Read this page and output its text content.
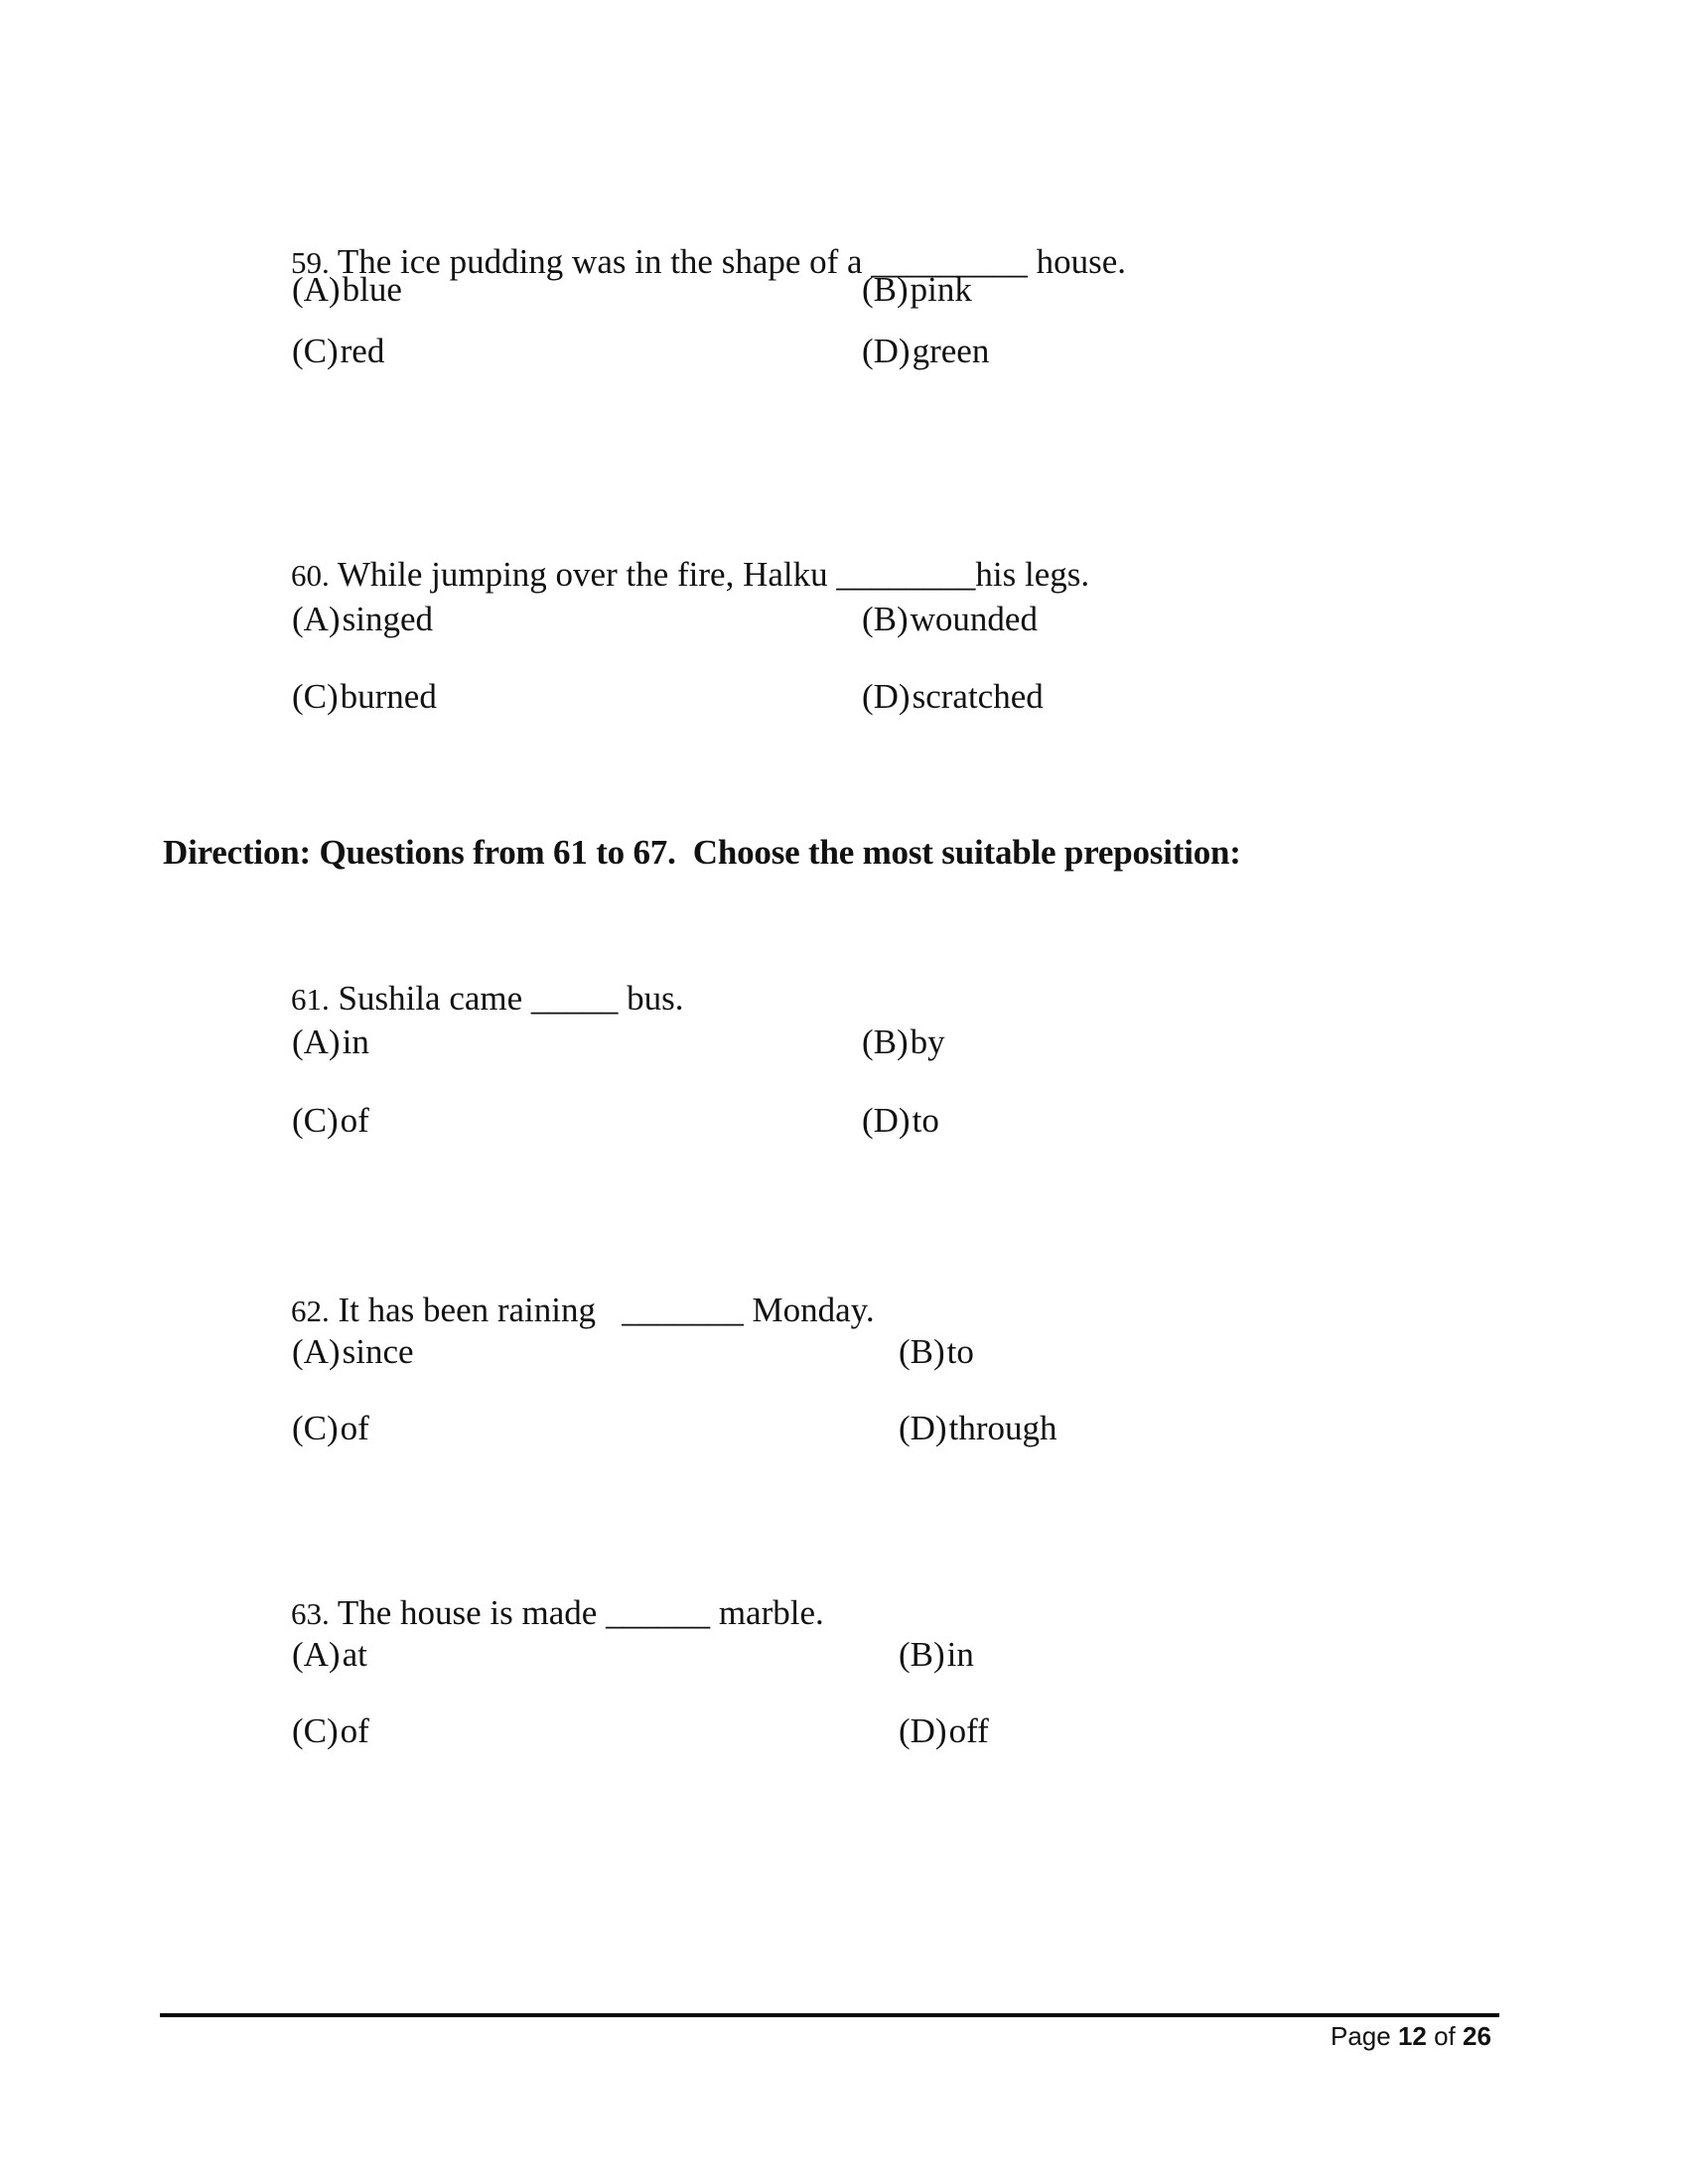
59. The ice pudding was in the shape of a _________ house.

(A)blue	(B)pink
(C)red	(D)green

60. While jumping over the fire, Halku ________his legs.

(A)singed	(B)wounded
(C)burned	(D)scratched
Direction: Questions from 61 to 67.  Choose the most suitable preposition:

61. Sushila came _____ bus.

(A)in	(B)by
(C)of	(D)to

62. It has been raining   _______ Monday.

(A)since	(B)to
(C)of	(D)through

63. The house is made ______ marble.

(A)at	(B)in
(C)of	(D)off
Page 12 of 26
